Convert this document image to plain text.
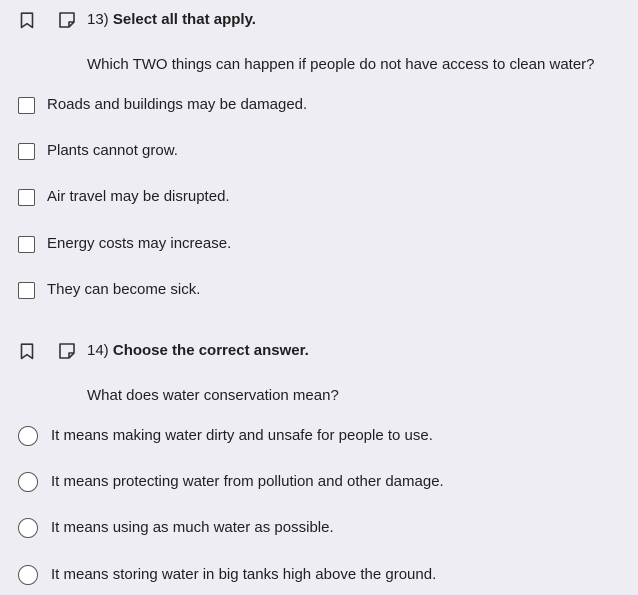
13) Select all that apply.
Which TWO things can happen if people do not have access to clean water?
Roads and buildings may be damaged.
Plants cannot grow.
Air travel may be disrupted.
Energy costs may increase.
They can become sick.
14) Choose the correct answer.
What does water conservation mean?
It means making water dirty and unsafe for people to use.
It means protecting water from pollution and other damage.
It means using as much water as possible.
It means storing water in big tanks high above the ground.
